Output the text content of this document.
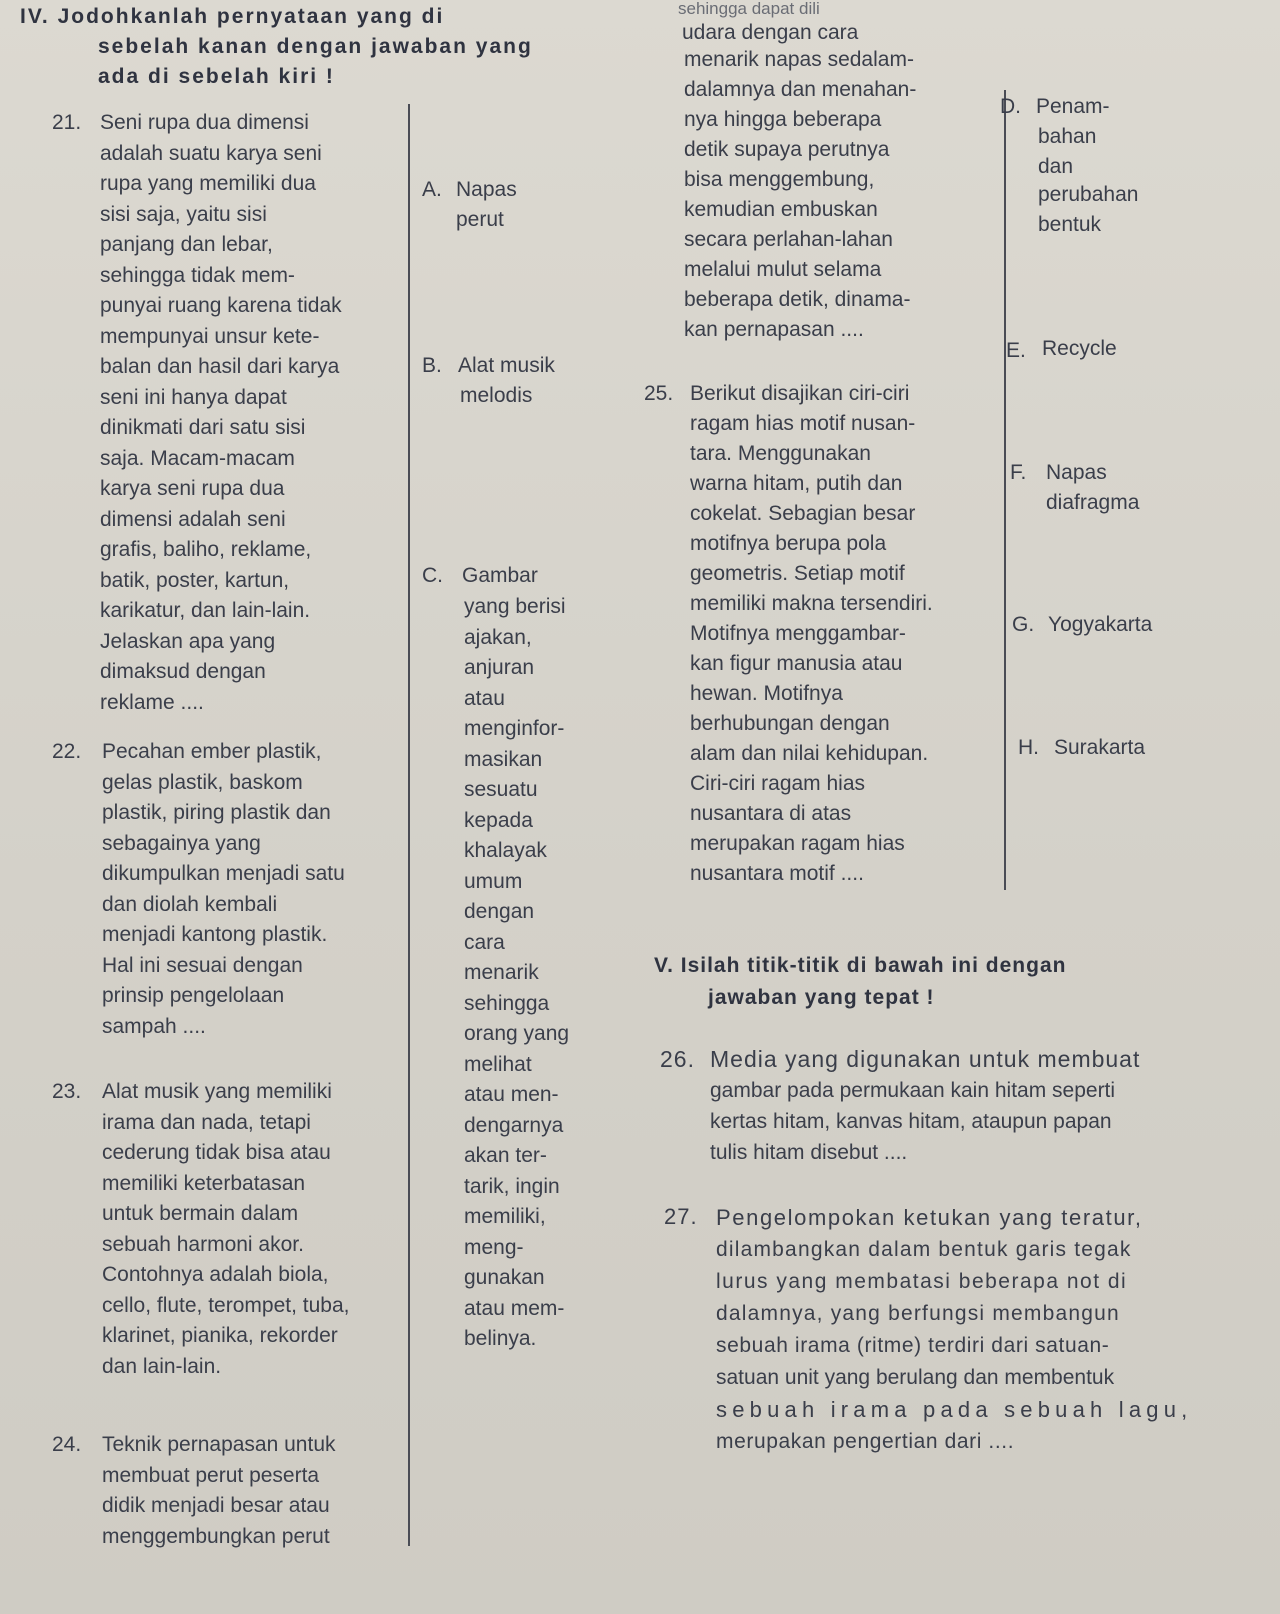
IV. Jodohkanlah pernyataan yang di
sebelah kanan dengan jawaban yang
ada di sebelah kiri !

sehingga dapat dili

udara dengan cara

21. Seni rupa dua dimensi
adalah suatu karya seni
rupa yang memiliki dua
sisi saja, yaitu sisi
panjang dan lebar,
sehingga tidak mem-
punyai ruang karena tidak
mempunyai unsur kete-
balan dan hasil dari karya
seni ini hanya dapat
dinikmati dari satu sisi
saja. Macam-macam
karya seni rupa dua
dimensi adalah seni
grafis, baliho, reklame,
batik, poster, kartun,
karikatur, dan lain-lain.
Jelaskan apa yang
dimaksud dengan
reklame ....
22. Pecahan ember plastik,
gelas plastik, baskom
plastik, piring plastik dan
sebagainya yang
dikumpulkan menjadi satu
dan diolah kembali
menjadi kantong plastik.
Hal ini sesuai dengan
prinsip pengelolaan
sampah ....
23. Alat musik yang memiliki
irama dan nada, tetapi
cederung tidak bisa atau
memiliki keterbatasan
untuk bermain dalam
sebuah harmoni akor.
Contohnya adalah biola,
cello, flute, terompet, tuba,
klarinet, pianika, rekorder
dan lain-lain.
24. Teknik pernapasan untuk
membuat perut peserta
didik menjadi besar atau
menggembungkan perut
A. Napas
perut
B. Alat musik
melodis
C. Gambar
yang berisi
ajakan,
anjuran
atau
menginfor-
masikan
sesuatu
kepada
khalayak
umum
dengan
cara
menarik
sehingga
orang yang
melihat
atau men-
dengarnya
akan ter-
tarik, ingin
memiliki,
meng-
gunakan
atau mem-
belinya.
menarik napas sedalam-
dalamnya dan menahan-
nya hingga beberapa
detik supaya perutnya
bisa menggembung,
kemudian embuskan
secara perlahan-lahan
melalui mulut selama
beberapa detik, dinama-
kan pernapasan ....
25. Berikut disajikan ciri-ciri
ragam hias motif nusan-
tara. Menggunakan
warna hitam, putih dan
cokelat. Sebagian besar
motifnya berupa pola
geometris. Setiap motif
memiliki makna tersendiri.
Motifnya menggambar-
kan figur manusia atau
hewan. Motifnya
berhubungan dengan
alam dan nilai kehidupan.
Ciri-ciri ragam hias
nusantara di atas
merupakan ragam hias
nusantara motif ....
D. Penam-
bahan
dan
perubahan
bentuk
E. Recycle
F. Napas
diafragma
G. Yogyakarta
H. Surakarta
V. Isilah titik-titik di bawah ini dengan
jawaban yang tepat !
26. Media yang digunakan untuk membuat
gambar pada permukaan kain hitam seperti
kertas hitam, kanvas hitam, ataupun papan
tulis hitam disebut ....
27. Pengelompokan ketukan yang teratur,
dilambangkan dalam bentuk garis tegak
lurus yang membatasi beberapa not di
dalamnya, yang berfungsi membangun
sebuah irama (ritme) terdiri dari satuan-
satuan unit yang berulang dan membentuk
sebuah irama pada sebuah lagu,
merupakan pengertian dari ....
